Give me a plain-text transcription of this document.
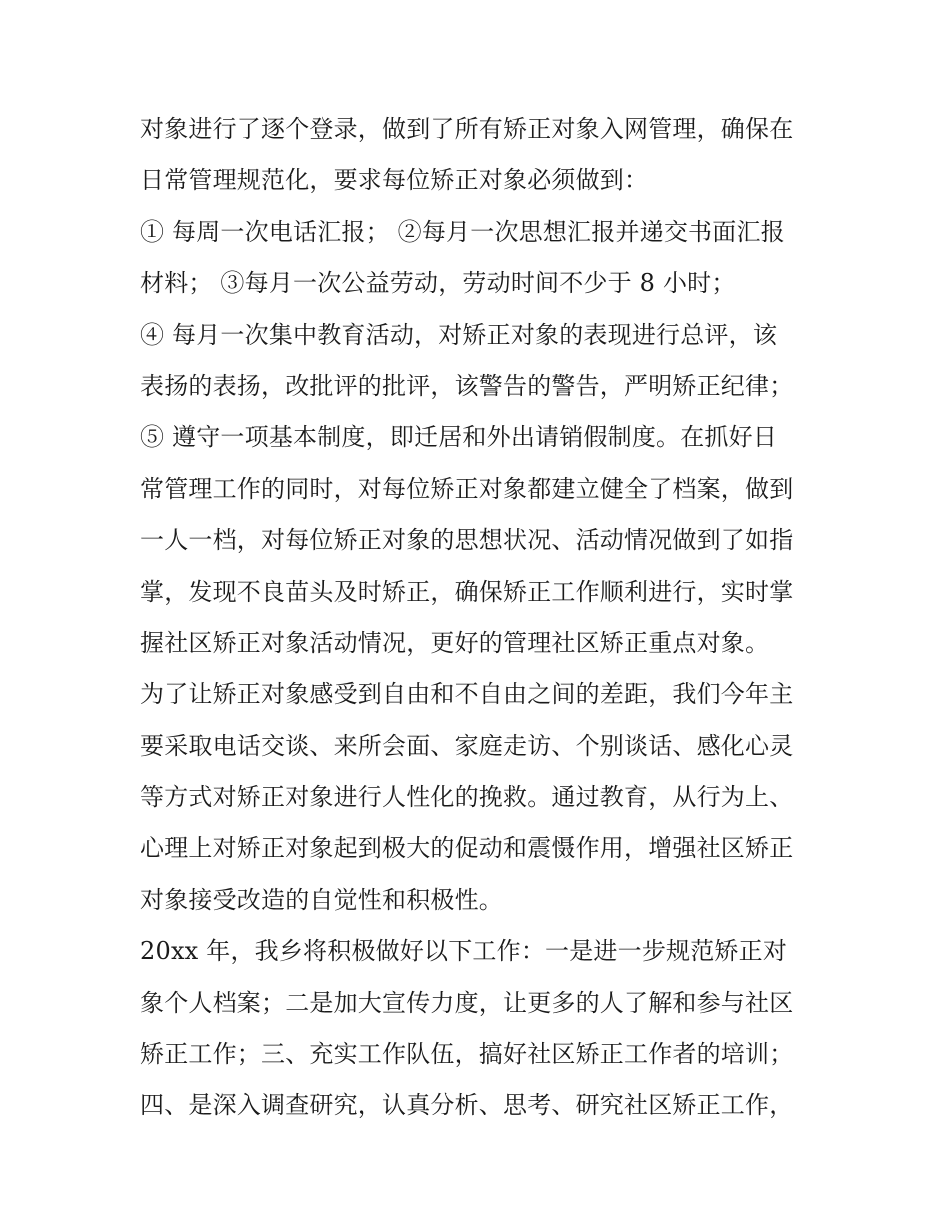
对象进行了逐个登录，做到了所有矫正对象入网管理，确保在
日常管理规范化，要求每位矫正对象必须做到：
① 每周一次电话汇报； ②每月一次思想汇报并递交书面汇报
材料； ③每月一次公益劳动，劳动时间不少于 8 小时；
④ 每月一次集中教育活动，对矫正对象的表现进行总评，该
表扬的表扬，改批评的批评，该警告的警告，严明矫正纪律；
⑤ 遵守一项基本制度，即迁居和外出请销假制度。在抓好日
常管理工作的同时，对每位矫正对象都建立健全了档案，做到
一人一档，对每位矫正对象的思想状况、活动情况做到了如指
掌，发现不良苗头及时矫正，确保矫正工作顺利进行，实时掌
握社区矫正对象活动情况，更好的管理社区矫正重点对象。
为了让矫正对象感受到自由和不自由之间的差距，我们今年主
要采取电话交谈、来所会面、家庭走访、个别谈话、感化心灵
等方式对矫正对象进行人性化的挽救。通过教育，从行为上、
心理上对矫正对象起到极大的促动和震慑作用，增强社区矫正
对象接受改造的自觉性和积极性。
20xx 年，我乡将积极做好以下工作：一是进一步规范矫正对
象个人档案；二是加大宣传力度，让更多的人了解和参与社区
矫正工作；三、充实工作队伍，搞好社区矫正工作者的培训；
四、是深入调查研究，认真分析、思考、研究社区矫正工作，
